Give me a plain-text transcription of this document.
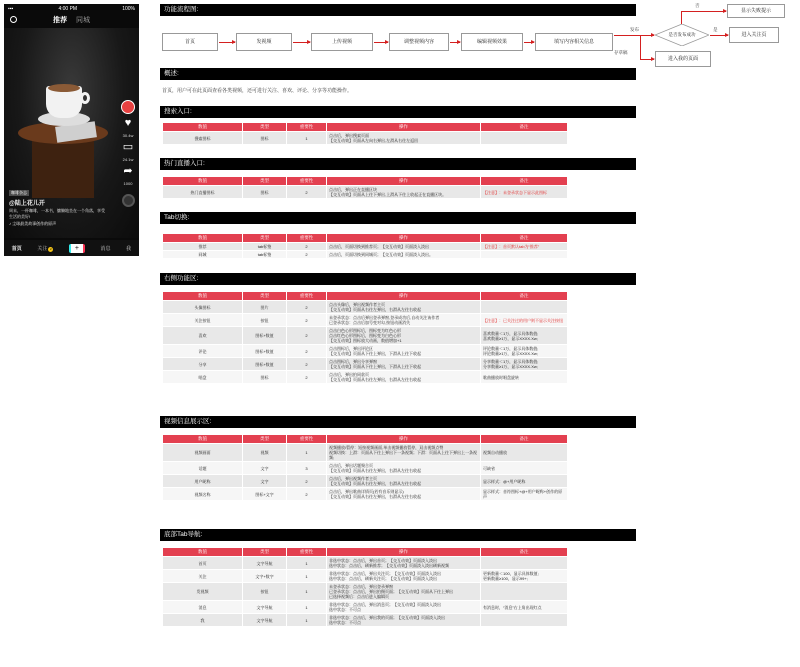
▪▪▪	4:00 PM	100%
推荐 同城
♥
30.4w
▭
24.1w
➦
1000
咖啡杂志
@陆上花儿开
周末，一杯咖啡，一本书，慵懒地坐在一个角落，享受生活的美好!
♪ 尘球最美故事创作的原声
首页	关注 2	+	消息	我
功能流程图:
首页	发视频	上传视频	调整视频内容	编辑视频效果	填写内容相关信息
发布
是否发布成功
否
显示失败提示
是
进入关注页
存草稿
进入我的页面
概述:
首页，用户可在此页面查看各类视频，还可进行关注、喜欢、评论、分享等功能操作。
搜索入口:
数值	类型	重要性	操作	备注
搜索图标	图标	1	点击后，弹出搜索页面
【交互动效】页面从左向右弹出,左滑从右往左返回	
热门直播入口:
数值	类型	重要性	操作	备注
热门直播图标	图标	2	点击后，弹出正在直播区块
【交互动效】页面从上往下弹出,上滑从下往上收起正在直播区块。	【注意】：未登录状态下显示此图标
Tab切换:
数值	类型	重要性	操作	备注
推荐	tab标签	2	点击后，页面切换到推荐页；【交互动效】页面淡入淡出	【注意】：首页默认tab为“推荐”
同城	tab标签	2	点击后，页面切换到同城页；【交互动效】页面淡入淡出。	
右侧功能区:
数值	类型	重要性	操作	备注
头像图标	图片	2	点击头像后，弹出视频作者主页
【交互动效】页面从右往左弹出，右滑从左往右收起	
关注按钮	按钮	2	未登录状态：点击后弹出登录弹窗,登录成功后,自动关注该作者
已登录状态：点击后加号变对勾,按钮动画消失	【注意】：已关注过的用户则不显示关注按钮
喜欢	图标+数值	2	点击白色心形图标后，图标变为红色心形
点击红色心形图标后，图标变为白色心形
【交互动效】图标放大动画，数值增加+1	喜欢数量＜1万，显示具体数值;
喜欢数量≥1万，显示XXXX.Xw;
评论	图标+数值	2	点击图标后，弹出评论区
【交互动效】页面从下往上弹出，下滑从上往下收起	评论数量＜1万，显示具体数值;
评论数量≥1万，显示XXXX.Xw;
分享	图标+数值	2	点击图标后，弹出分享弹窗
【交互动效】页面从下往上弹出，下滑从上往下收起	分享数量＜1万，显示具体数值;
分享数量≥1万，显示XXXX.Xw;
唱盘	图标	2	点击后，弹出拍同款页
【交互动效】页面从右往左弹出，右滑从左往右收起	歌曲播放时唱盘旋转
视频信息展示区:
数值	类型	重要性	操作	备注
视频画面	视频	1	视频播放/暂停：短按视频画面,单击视频播放暂停，双击视频点赞
视频切换：上滑：页面从下往上弹出下一条视频；下滑：页面从上往下弹出上一条视频;	视频自动播放
话题	文字	3	点击后，弹出话题聚合页
【交互动效】页面从右往左弹出，右滑从左往右收起	可缺省
用户昵称	文字	2	点击后，弹出视频作者主页
【交互动效】页面从右往左弹出，右滑从左往右收起	显示样式：@+用户昵称
视频名称	图标+文字	2	点击后，弹出歌曲详情页(若有音乐则显示)
【交互动效】页面从右往左弹出，右滑从左往右收起	显示样式：音符图标+@+用户昵称+创作的原声
底部Tab导航:
数值	类型	重要性	操作	备注
首页	文字导航	1	非选中状态：点击后，弹出首页；【交互动效】页面淡入淡出
选中状态：点击后，刷新推荐；【交互动效】页面淡入淡出刷新视频	
关注	文字+数字	1	非选中状态：点击后，弹出关注页；【交互动效】页面淡入淡出
选中状态：点击后，刷新关注页；【交互动效】页面淡入淡出	更新数量＜100，显示具体数值;
更新数量≥100，显示99+;
发视频	按钮	1	未登录状态：点击后，弹出登录弹窗
已登录状态：点击后，弹出拍摄页面；【交互动效】页面从下往上弹出
已选择视频后：点击后进入编辑页	
消息	文字导航	1	非选中状态：点击后，弹出消息页；【交互动效】页面淡入淡出
选中状态：不可点	有消息时，“消息”右上角出现红点
我	文字导航	1	非选中状态：点击后，弹出我的页面；【交互动效】页面淡入淡出
选中状态：不可点	
